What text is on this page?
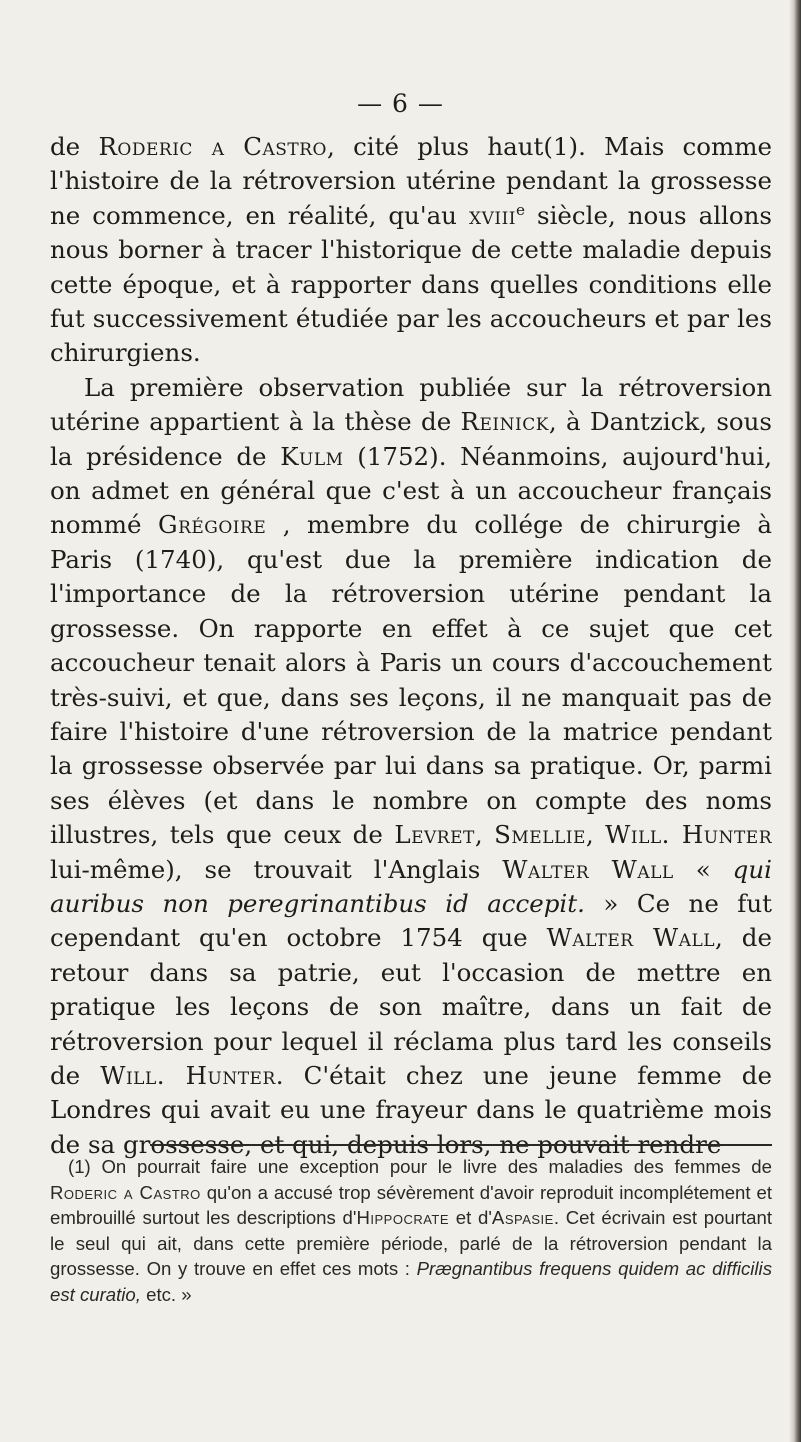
— 6 —

de Roderic a Castro, cité plus haut(1). Mais comme l'histoire de la rétroversion utérine pendant la grossesse ne commence, en réalité, qu'au xviii$^e$ siècle, nous allons nous borner à tracer l'historique de cette maladie depuis cette époque, et à rapporter dans quelles conditions elle fut successivement étudiée par les accoucheurs et par les chirurgiens.

La première observation publiée sur la rétroversion utérine appartient à la thèse de Reinick, à Dantzick, sous la présidence de Kulm (1752). Néanmoins, aujourd'hui, on admet en général que c'est à un accoucheur français nommé Grégoire , membre du collége de chirurgie à Paris (1740), qu'est due la première indication de l'importance de la rétroversion utérine pendant la grossesse. On rapporte en effet à ce sujet que cet accoucheur tenait alors à Paris un cours d'accouchement très-suivi, et que, dans ses leçons, il ne manquait pas de faire l'histoire d'une rétroversion de la matrice pendant la grossesse observée par lui dans sa pratique. Or, parmi ses élèves (et dans le nombre on compte des noms illustres, tels que ceux de Levret, Smellie, Will. Hunter lui-même), se trouvait l'Anglais Walter Wall « qui auribus non peregrinantibus id accepit. » Ce ne fut cependant qu'en octobre 1754 que Walter Wall, de retour dans sa patrie, eut l'occasion de mettre en pratique les leçons de son maître, dans un fait de rétroversion pour lequel il réclama plus tard les conseils de Will. Hunter. C'était chez une jeune femme de Londres qui avait eu une frayeur dans le quatrième mois de sa grossesse, et qui, depuis lors, ne pouvait rendre

(1) On pourrait faire une exception pour le livre des maladies des femmes de Roderic a Castro qu'on a accusé trop sévèrement d'avoir reproduit incomplétement et embrouillé surtout les descriptions d'Hippocrate et d'Aspasie. Cet écrivain est pourtant le seul qui ait, dans cette première période, parlé de la rétroversion pendant la grossesse. On y trouve en effet ces mots : Prægnantibus frequens quidem ac difficilis est curatio, etc. »
